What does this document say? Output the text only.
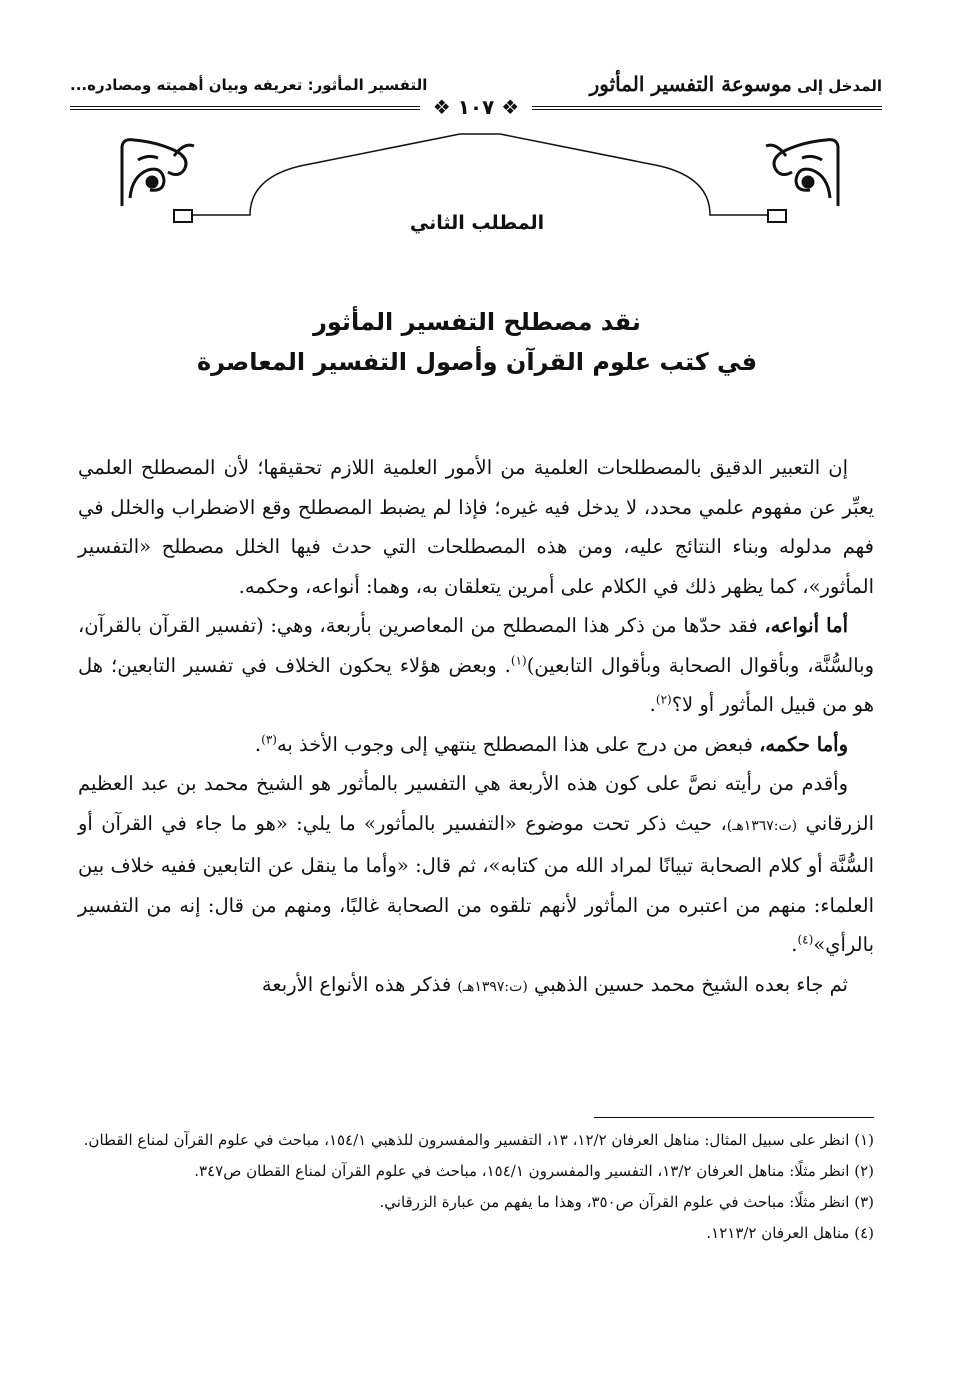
المدخل إلى موسوعة التفسير المأثور
التفسير المأثور: تعريفه وبيان أهميته ومصادره...
❖ ١٠٧ ❖
المطلب الثاني
نقد مصطلح التفسير المأثور
في كتب علوم القرآن وأصول التفسير المعاصرة

إن التعبير الدقيق بالمصطلحات العلمية من الأمور العلمية اللازم تحقيقها؛ لأن المصطلح العلمي يعبِّر عن مفهوم علمي محدد، لا يدخل فيه غيره؛ فإذا لم يضبط المصطلح وقع الاضطراب والخلل في فهم مدلوله وبناء النتائج عليه، ومن هذه المصطلحات التي حدث فيها الخلل مصطلح «التفسير المأثور»، كما يظهر ذلك في الكلام على أمرين يتعلقان به، وهما: أنواعه، وحكمه.

أما أنواعه، فقد حدّها من ذكر هذا المصطلح من المعاصرين بأربعة، وهي: (تفسير القرآن بالقرآن، وبالسُّنَّة، وبأقوال الصحابة وبأقوال التابعين)$^{(١)}$. وبعض هؤلاء يحكون الخلاف في تفسير التابعين؛ هل هو من قبيل المأثور أو لا؟$^{(٢)}$.

وأما حكمه، فبعض من درج على هذا المصطلح ينتهي إلى وجوب الأخذ به$^{(٣)}$.

وأقدم من رأيته نصَّ على كون هذه الأربعة هي التفسير بالمأثور هو الشيخ محمد بن عبد العظيم الزرقاني (ت:١٣٦٧هـ)، حيث ذكر تحت موضوع «التفسير بالمأثور» ما يلي: «هو ما جاء في القرآن أو السُّنَّة أو كلام الصحابة تبيانًا لمراد الله من كتابه»، ثم قال: «وأما ما ينقل عن التابعين ففيه خلاف بين العلماء: منهم من اعتبره من المأثور لأنهم تلقوه من الصحابة غالبًا، ومنهم من قال: إنه من التفسير بالرأي»$^{(٤)}$.

ثم جاء بعده الشيخ محمد حسين الذهبي (ت:١٣٩٧هـ) فذكر هذه الأنواع الأربعة

(١) انظر على سبيل المثال: مناهل العرفان ١٢/٢، ١٣، التفسير والمفسرون للذهبي ١٥٤/١، مباحث في علوم القرآن لمناع القطان.
(٢) انظر مثلًا: مناهل العرفان ١٣/٢، التفسير والمفسرون ١٥٤/١، مباحث في علوم القرآن لمناع القطان ص٣٤٧.
(٣) انظر مثلًا: مباحث في علوم القرآن ص٣٥٠، وهذا ما يفهم من عبارة الزرقاني.
(٤) مناهل العرفان ١٢١٣/٢.
